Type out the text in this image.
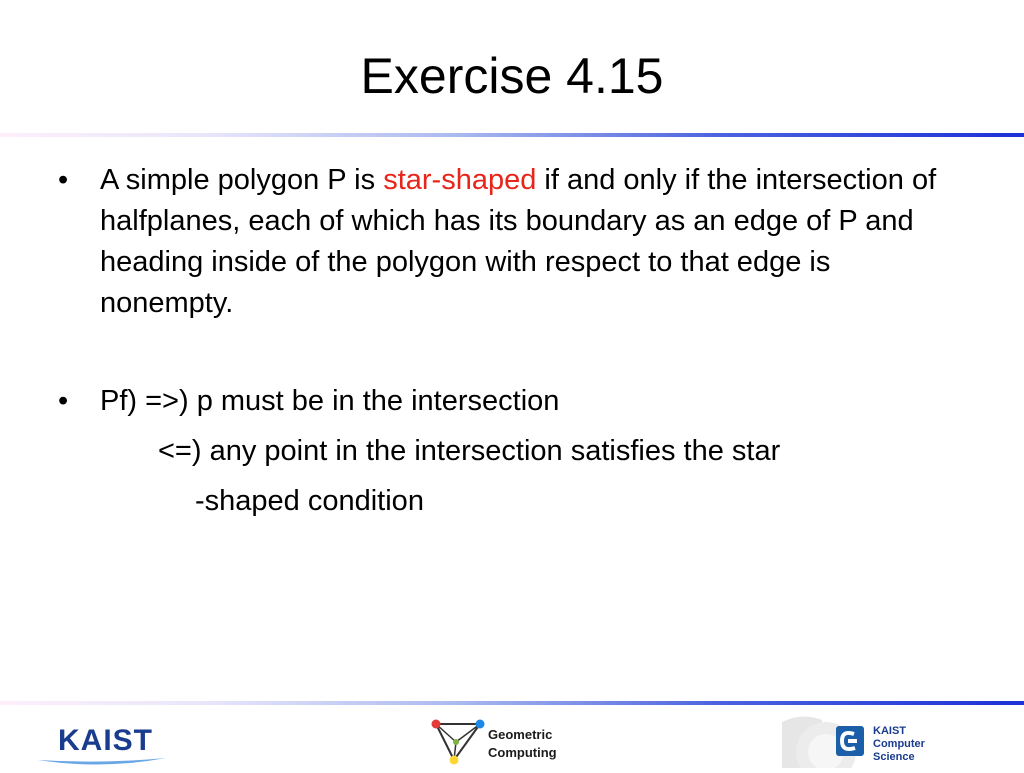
Exercise 4.15

• A simple polygon P is star-shaped if and only if the intersection of halfplanes, each of which has its boundary as an edge of P and heading inside of the polygon with respect to that edge is nonempty.

• Pf) =>) p must be in the intersection
<=) any point in the intersection satisfies the star
-shaped condition

KAIST	Geometric
Computing
KAIST
Computer
Science
